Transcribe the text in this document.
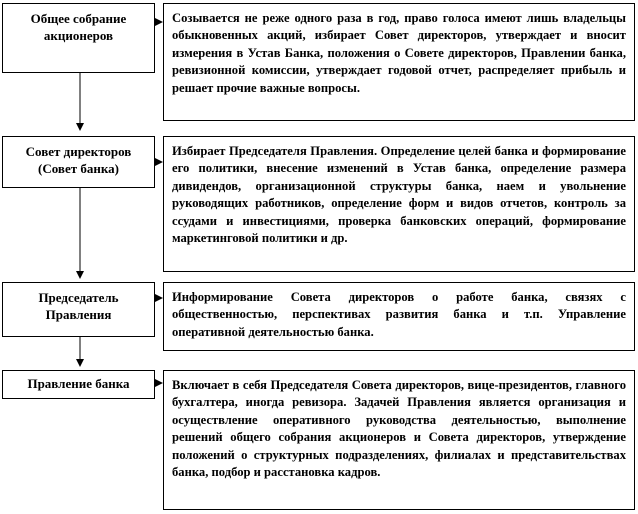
Общее собрание акционеров
Созывается не реже одного раза в год, право голоса имеют лишь владельцы обыкновенных акций, избирает Совет директоров, утверждает и вносит измерения в Устав Банка, положения о Совете директоров, Правлении банка, ревизионной комиссии, утверждает годовой отчет, распределяет прибыль и решает прочие важные вопросы.
Совет директоров (Совет банка)
Избирает Председателя Правления. Определение целей банка и формирование его политики, внесение изменений в Устав банка, определение размера дивидендов, организационной структуры банка, наем и увольнение руководящих работников, определение форм и видов отчетов, контроль за ссудами и инвестициями, проверка банковских операций, формирование маркетинговой политики и др.
Председатель Правления
Информирование Совета директоров о работе банка, связях с общественностью, перспективах развития банка и т.п. Управление оперативной деятельностью банка.
Правление банка	Включает в себя Председателя Совета директоров, вице-президентов, главного бухгалтера, иногда ревизора. Задачей Правления является организация и осуществление оперативного руководства деятельностью, выполнение решений общего собрания акционеров и Совета директоров, утверждение положений о структурных подразделениях, филиалах и представительствах банка, подбор и расстановка кадров.
